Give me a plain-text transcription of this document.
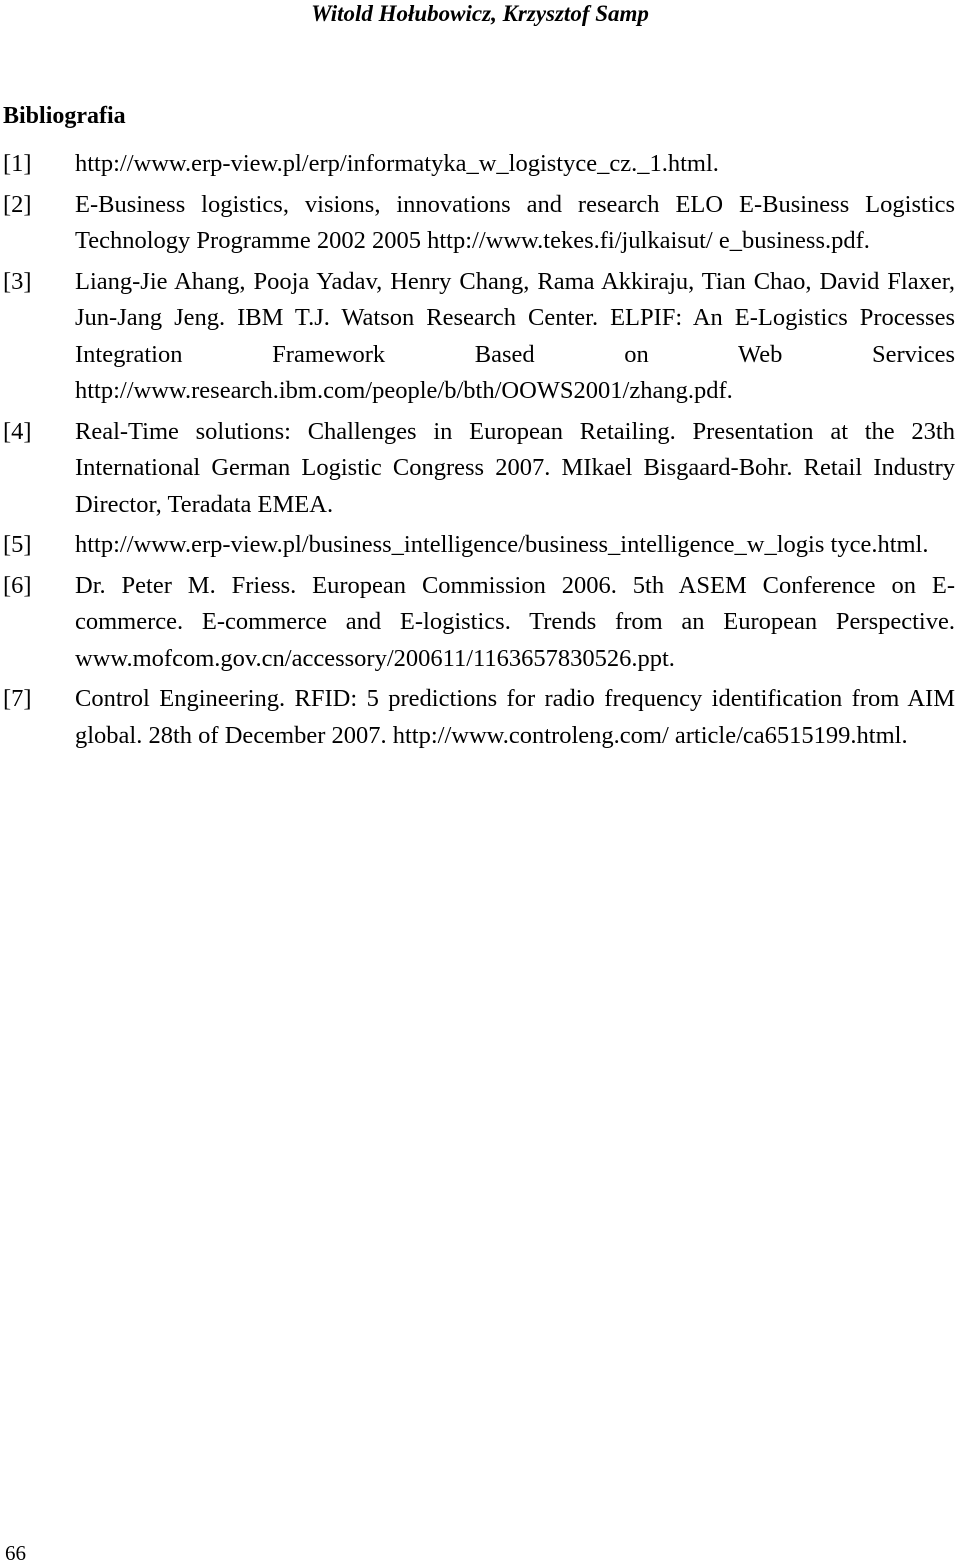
Witold Hołubowicz, Krzysztof Samp
Bibliografia
[1]	http://www.erp-view.pl/erp/informatyka_w_logistyce_cz._1.html.
[2]	E-Business logistics, visions, innovations and research ELO E-Business Logistics Technology Programme 2002 2005 http://www.tekes.fi/julkaisut/ e_business.pdf.
[3]	Liang-Jie Ahang, Pooja Yadav, Henry Chang, Rama Akkiraju, Tian Chao, David Flaxer, Jun-Jang Jeng. IBM T.J. Watson Research Center. ELPIF: An E-Logistics Processes Integration Framework Based on Web Services http://www.research.ibm.com/people/b/bth/OOWS2001/zhang.pdf.
[4]	Real-Time solutions: Challenges in European Retailing. Presentation at the 23th International German Logistic Congress 2007. MIkael Bisgaard-Bohr. Retail Industry Director, Teradata EMEA.
[5]	http://www.erp-view.pl/business_intelligence/business_intelligence_w_logis tyce.html.
[6]	Dr. Peter M. Friess. European Commission 2006. 5th ASEM Conference on E-commerce. E-commerce and E-logistics. Trends from an European Perspective. www.mofcom.gov.cn/accessory/200611/1163657830526.ppt.
[7]	Control Engineering. RFID: 5 predictions for radio frequency identification from AIM global. 28th of December 2007. http://www.controleng.com/ article/ca6515199.html.
66
